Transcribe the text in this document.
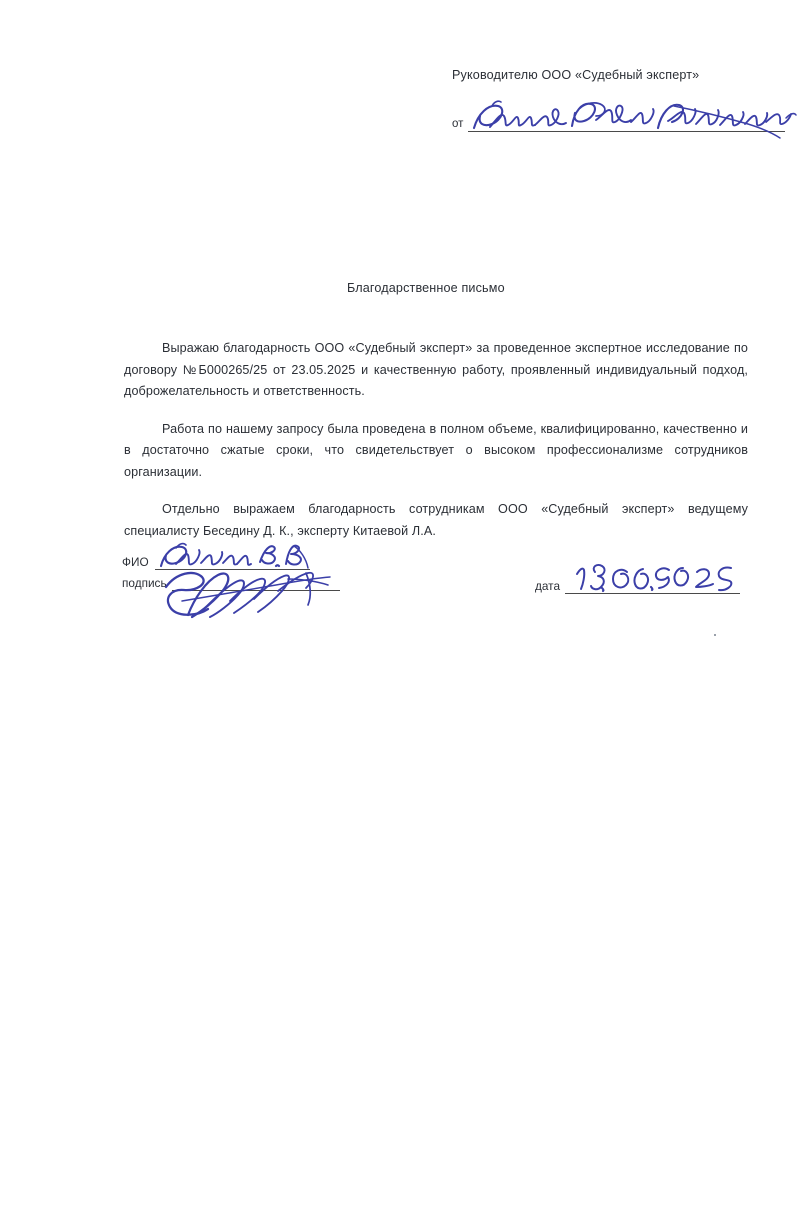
Руководителю ООО «Судебный эксперт»
от
Благодарственное письмо

Выражаю благодарность ООО «Судебный эксперт» за проведенное экспертное исследование по договору №Б000265/25 от 23.05.2025 и качественную работу, проявленный индивидуальный подход, доброжелательность и ответственность.

Работа по нашему запросу была проведена в полном объеме, квалифицированно, качественно и в достаточно сжатые сроки, что свидетельствует о высоком профессионализме сотрудников организации.

Отдельно выражаем благодарность сотрудникам ООО «Судебный эксперт» ведущему специалисту Беседину Д. К., эксперту Китаевой Л.А.

ФИО
подпись	дата
